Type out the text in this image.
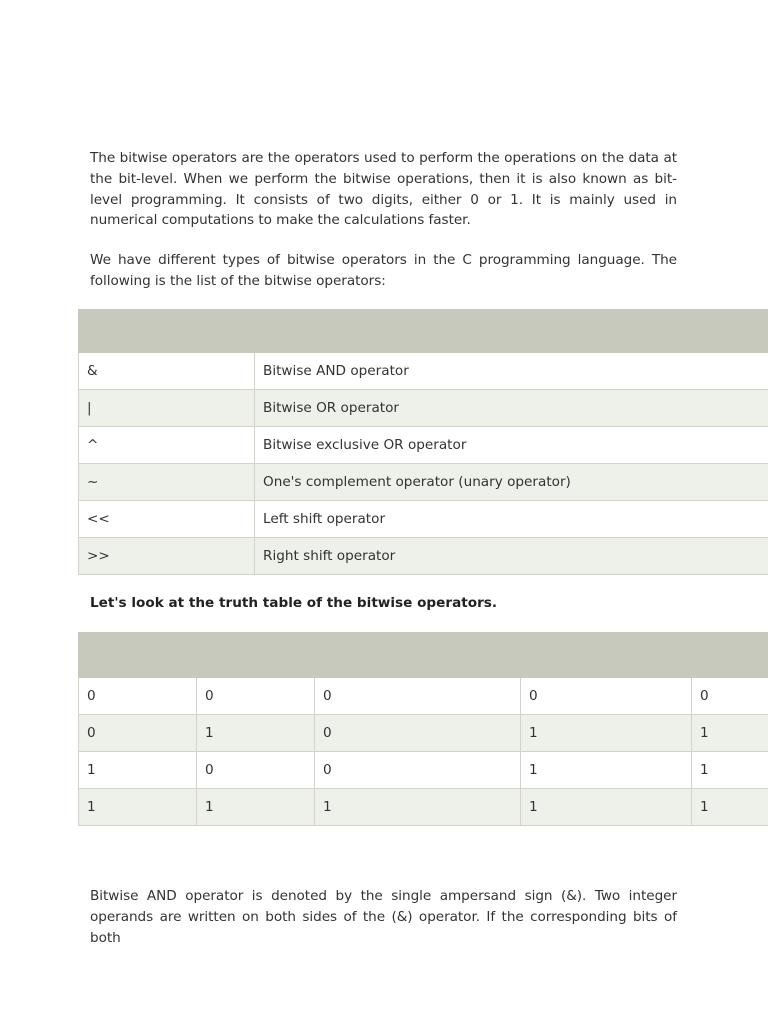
The bitwise operators are the operators used to perform the operations on the data at the bit-level. When we perform the bitwise operations, then it is also known as bit-level programming. It consists of two digits, either 0 or 1. It is mainly used in numerical computations to make the calculations faster.

We have different types of bitwise operators in the C programming language. The following is the list of the bitwise operators:

&	Bitwise AND operator
|	Bitwise OR operator
^	Bitwise exclusive OR operator
~	One's complement operator (unary operator)
<<	Left shift operator
>>	Right shift operator

Let's look at the truth table of the bitwise operators.

0	0	0	0	0
0	1	0	1	1
1	0	0	1	1
1	1	1	1	1

Bitwise AND operator is denoted by the single ampersand sign (&). Two integer operands are written on both sides of the (&) operator. If the corresponding bits of both
